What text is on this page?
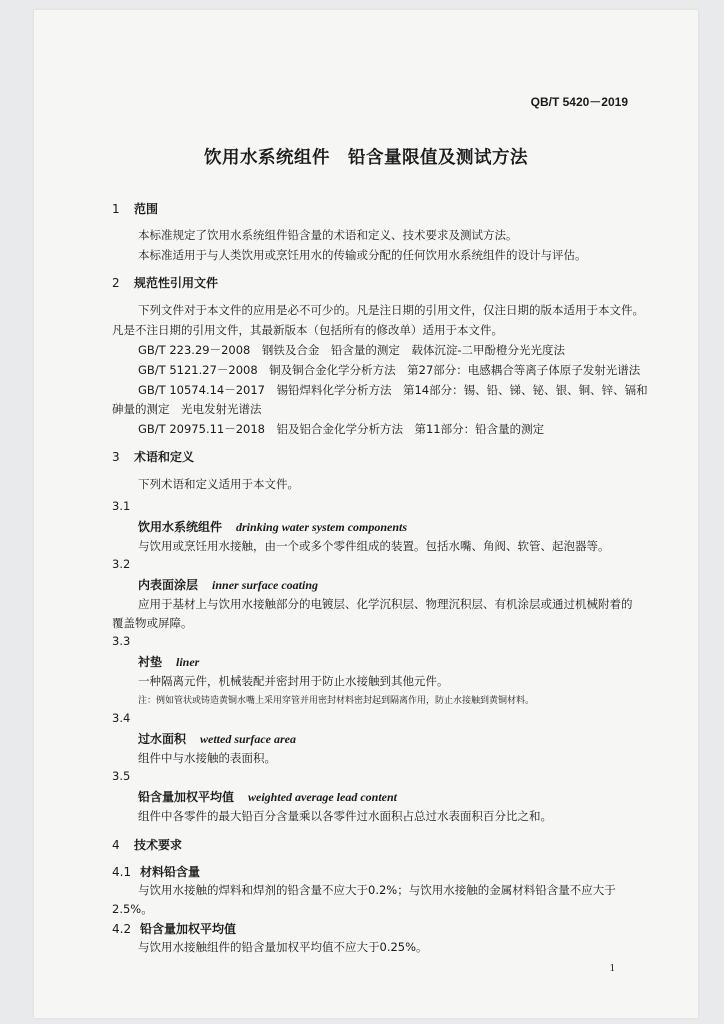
QB/T 5420－2019
饮用水系统组件　铅含量限值及测试方法
1 范围
本标准规定了饮用水系统组件铅含量的术语和定义、技术要求及测试方法。
本标准适用于与人类饮用或烹饪用水的传输或分配的任何饮用水系统组件的设计与评估。
2 规范性引用文件
下列文件对于本文件的应用是必不可少的。凡是注日期的引用文件，仅注日期的版本适用于本文件。
凡是不注日期的引用文件，其最新版本（包括所有的修改单）适用于本文件。
GB/T 223.29－2008　钢铁及合金　铅含量的测定　载体沉淀-二甲酚橙分光光度法
GB/T 5121.27－2008　铜及铜合金化学分析方法　第27部分：电感耦合等离子体原子发射光谱法
GB/T 10574.14－2017　锡铅焊料化学分析方法　第14部分：锡、铅、锑、铋、银、铜、锌、镉和
砷量的测定　光电发射光谱法
GB/T 20975.11－2018　铝及铝合金化学分析方法　第11部分：铅含量的测定
3 术语和定义
下列术语和定义适用于本文件。
3.1
饮用水系统组件 drinking water system components
与饮用或烹饪用水接触，由一个或多个零件组成的装置。包括水嘴、角阀、软管、起泡器等。
3.2
内表面涂层 inner surface coating
应用于基材上与饮用水接触部分的电镀层、化学沉积层、物理沉积层、有机涂层或通过机械附着的
覆盖物或屏障。
3.3
衬垫 liner
一种隔离元件，机械装配并密封用于防止水接触到其他元件。
注：例如管状或铸造黄铜水嘴上采用穿管并用密封材料密封起到隔离作用，防止水接触到黄铜材料。
3.4
过水面积 wetted surface area
组件中与水接触的表面积。
3.5
铅含量加权平均值 weighted average lead content
组件中各零件的最大铅百分含量乘以各零件过水面积占总过水表面积百分比之和。
4 技术要求
4.1 材料铅含量
与饮用水接触的焊料和焊剂的铅含量不应大于0.2%；与饮用水接触的金属材料铅含量不应大于
2.5%。
4.2 铅含量加权平均值
与饮用水接触组件的铅含量加权平均值不应大于0.25%。
1
